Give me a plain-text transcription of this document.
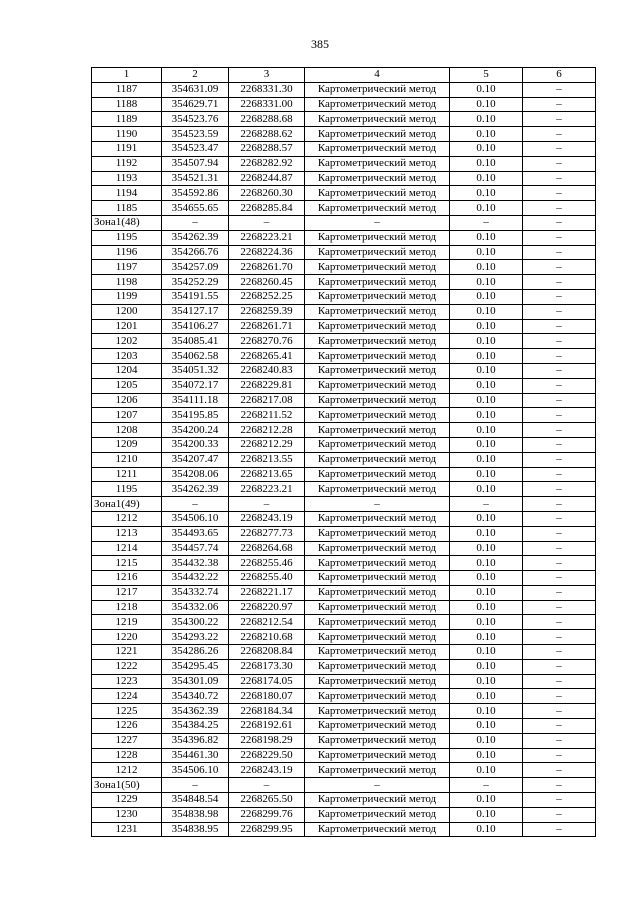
385
1	2	3	4	5	6
1187	354631.09	2268331.30	Картометрический метод	0.10	–
1188	354629.71	2268331.00	Картометрический метод	0.10	–
1189	354523.76	2268288.68	Картометрический метод	0.10	–
1190	354523.59	2268288.62	Картометрический метод	0.10	–
1191	354523.47	2268288.57	Картометрический метод	0.10	–
1192	354507.94	2268282.92	Картометрический метод	0.10	–
1193	354521.31	2268244.87	Картометрический метод	0.10	–
1194	354592.86	2268260.30	Картометрический метод	0.10	–
1185	354655.65	2268285.84	Картометрический метод	0.10	–
Зона1(48)	–	–	–	–	–
1195	354262.39	2268223.21	Картометрический метод	0.10	–
1196	354266.76	2268224.36	Картометрический метод	0.10	–
1197	354257.09	2268261.70	Картометрический метод	0.10	–
1198	354252.29	2268260.45	Картометрический метод	0.10	–
1199	354191.55	2268252.25	Картометрический метод	0.10	–
1200	354127.17	2268259.39	Картометрический метод	0.10	–
1201	354106.27	2268261.71	Картометрический метод	0.10	–
1202	354085.41	2268270.76	Картометрический метод	0.10	–
1203	354062.58	2268265.41	Картометрический метод	0.10	–
1204	354051.32	2268240.83	Картометрический метод	0.10	–
1205	354072.17	2268229.81	Картометрический метод	0.10	–
1206	354111.18	2268217.08	Картометрический метод	0.10	–
1207	354195.85	2268211.52	Картометрический метод	0.10	–
1208	354200.24	2268212.28	Картометрический метод	0.10	–
1209	354200.33	2268212.29	Картометрический метод	0.10	–
1210	354207.47	2268213.55	Картометрический метод	0.10	–
1211	354208.06	2268213.65	Картометрический метод	0.10	–
1195	354262.39	2268223.21	Картометрический метод	0.10	–
Зона1(49)	–	–	–	–	–
1212	354506.10	2268243.19	Картометрический метод	0.10	–
1213	354493.65	2268277.73	Картометрический метод	0.10	–
1214	354457.74	2268264.68	Картометрический метод	0.10	–
1215	354432.38	2268255.46	Картометрический метод	0.10	–
1216	354432.22	2268255.40	Картометрический метод	0.10	–
1217	354332.74	2268221.17	Картометрический метод	0.10	–
1218	354332.06	2268220.97	Картометрический метод	0.10	–
1219	354300.22	2268212.54	Картометрический метод	0.10	–
1220	354293.22	2268210.68	Картометрический метод	0.10	–
1221	354286.26	2268208.84	Картометрический метод	0.10	–
1222	354295.45	2268173.30	Картометрический метод	0.10	–
1223	354301.09	2268174.05	Картометрический метод	0.10	–
1224	354340.72	2268180.07	Картометрический метод	0.10	–
1225	354362.39	2268184.34	Картометрический метод	0.10	–
1226	354384.25	2268192.61	Картометрический метод	0.10	–
1227	354396.82	2268198.29	Картометрический метод	0.10	–
1228	354461.30	2268229.50	Картометрический метод	0.10	–
1212	354506.10	2268243.19	Картометрический метод	0.10	–
Зона1(50)	–	–	–	–	–
1229	354848.54	2268265.50	Картометрический метод	0.10	–
1230	354838.98	2268299.76	Картометрический метод	0.10	–
1231	354838.95	2268299.95	Картометрический метод	0.10	–
